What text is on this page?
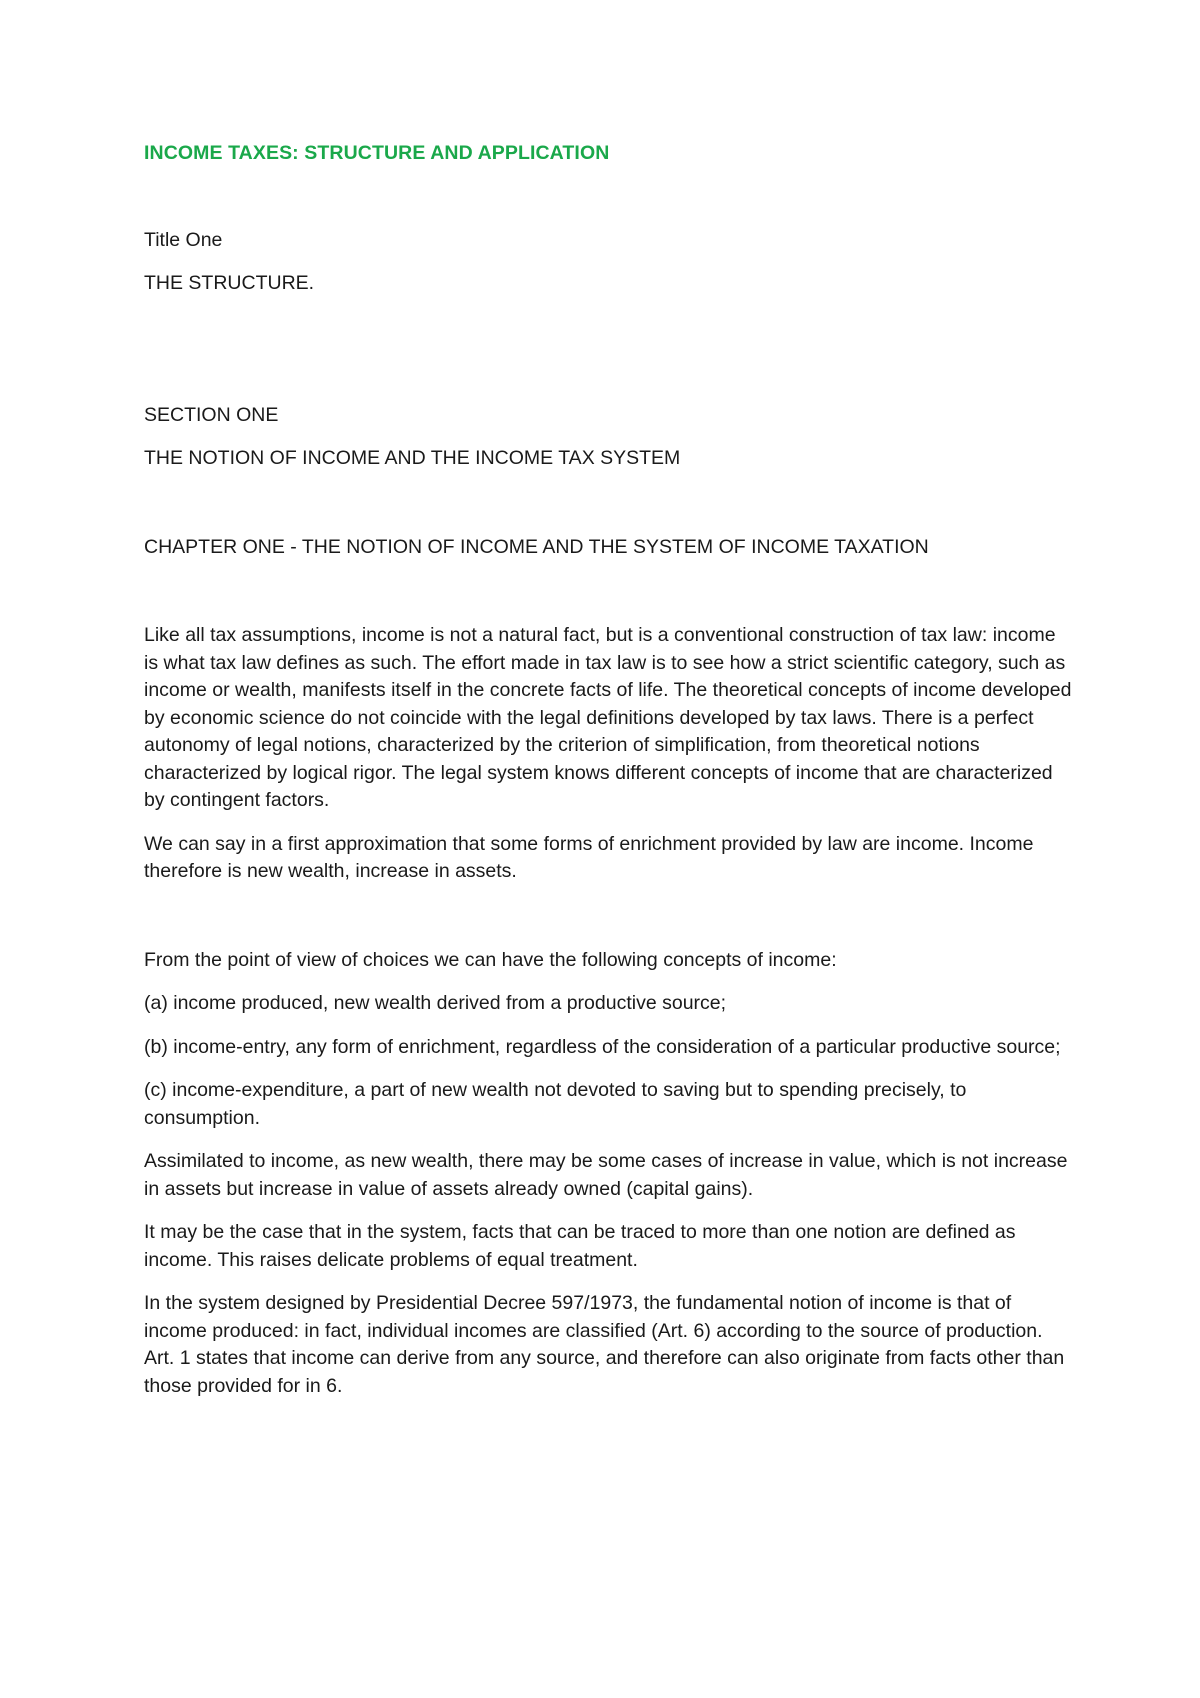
INCOME TAXES: STRUCTURE AND APPLICATION

Title One

THE STRUCTURE.

SECTION ONE

THE NOTION OF INCOME AND THE INCOME TAX SYSTEM

CHAPTER ONE - THE NOTION OF INCOME AND THE SYSTEM OF INCOME TAXATION

Like all tax assumptions, income is not a natural fact, but is a conventional construction of tax law: income is what tax law defines as such. The effort made in tax law is to see how a strict scientific category, such as income or wealth, manifests itself in the concrete facts of life. The theoretical concepts of income developed by economic science do not coincide with the legal definitions developed by tax laws. There is a perfect autonomy of legal notions, characterized by the criterion of simplification, from theoretical notions characterized by logical rigor. The legal system knows different concepts of income that are characterized by contingent factors.

We can say in a first approximation that some forms of enrichment provided by law are income. Income therefore is new wealth, increase in assets.

From the point of view of choices we can have the following concepts of income:

(a) income produced, new wealth derived from a productive source;

(b) income-entry, any form of enrichment, regardless of the consideration of a particular productive source;

(c) income-expenditure, a part of new wealth not devoted to saving but to spending precisely, to consumption.

Assimilated to income, as new wealth, there may be some cases of increase in value, which is not increase in assets but increase in value of assets already owned (capital gains).

It may be the case that in the system, facts that can be traced to more than one notion are defined as income. This raises delicate problems of equal treatment.

In the system designed by Presidential Decree 597/1973, the fundamental notion of income is that of income produced: in fact, individual incomes are classified (Art. 6) according to the source of production. Art. 1 states that income can derive from any source, and therefore can also originate from facts other than those provided for in 6.
